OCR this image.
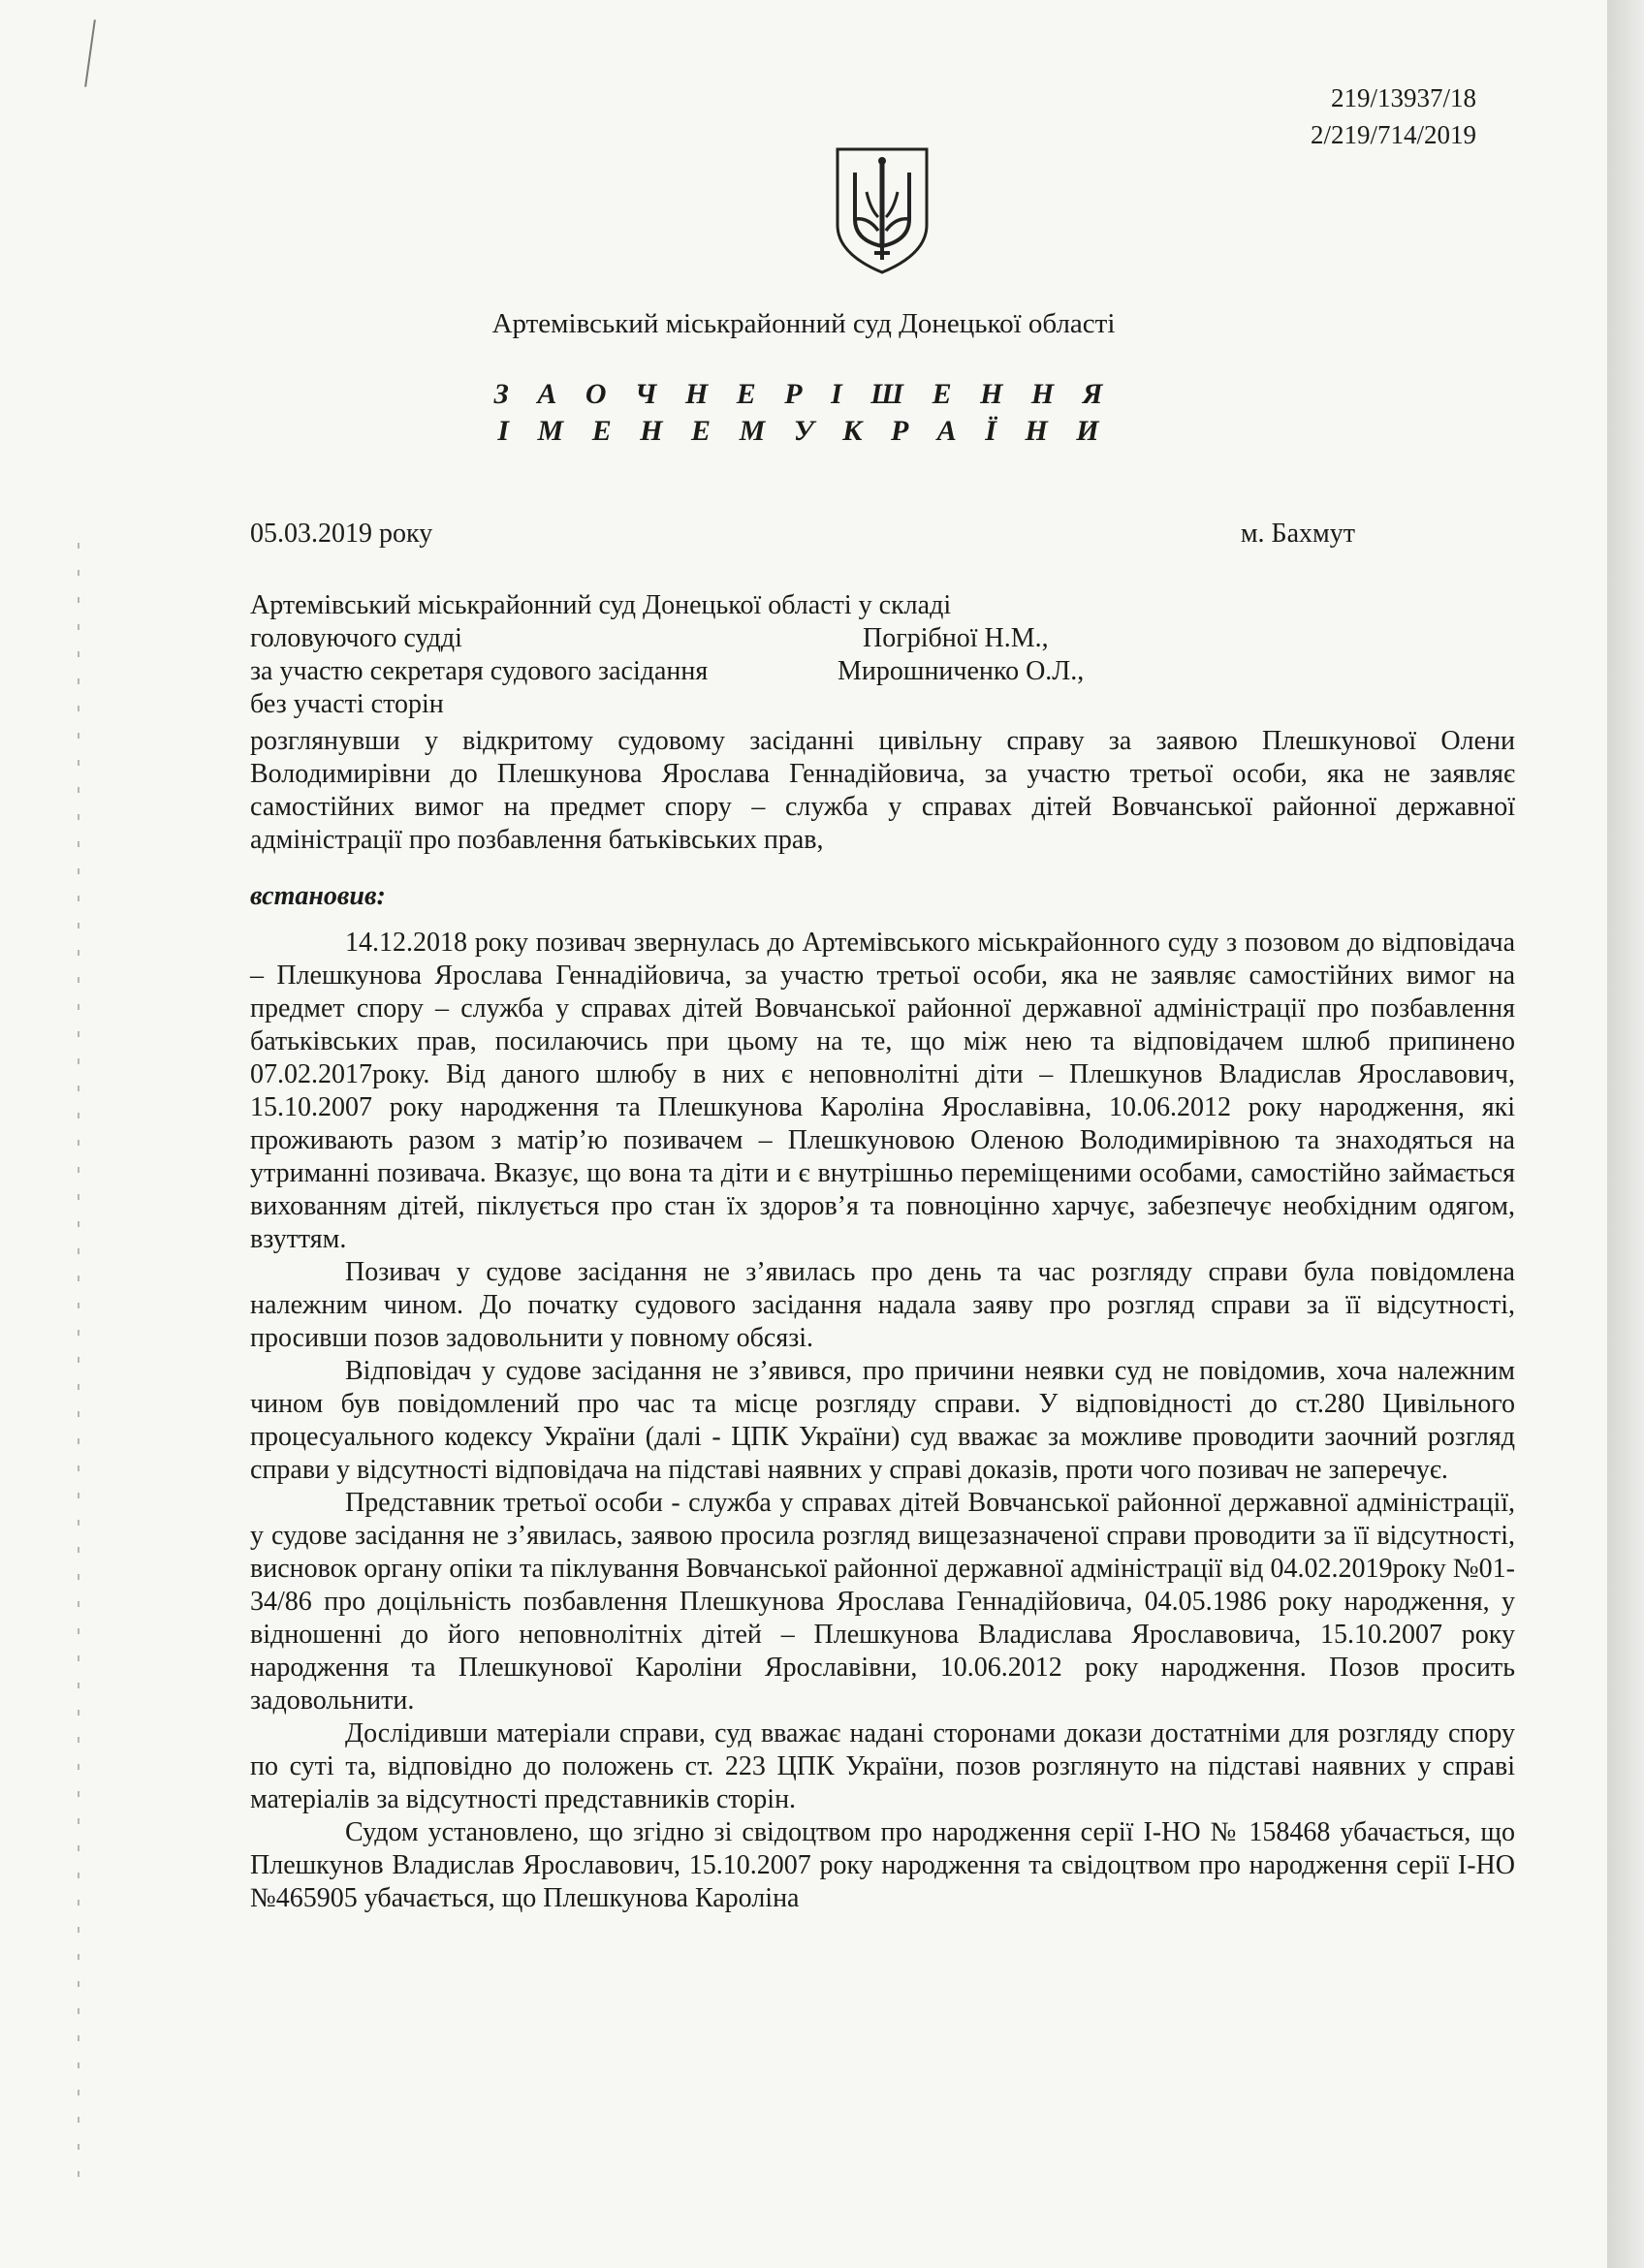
219/13937/18
2/219/714/2019
Артемівський міськрайонний суд Донецької області
З А О Ч Н Е Р І Ш Е Н Н Я
І М Е Н Е М У К Р А Ї Н И
05.03.2019 року	м. Бахмут
Артемівський міськрайонний суд Донецької області у складі
головуючого судді	Погрібної Н.М.,
за участю секретаря судового засідання	Мирошниченко О.Л.,
без участі сторін

розглянувши у відкритому судовому засіданні цивільну справу за заявою Плешкунової Олени Володимирівни до Плешкунова Ярослава Геннадійовича, за участю третьої особи, яка не заявляє самостійних вимог на предмет спору – служба у справах дітей Вовчанської районної державної адміністрації про позбавлення батьківських прав,

встановив:

14.12.2018 року позивач звернулась до Артемівського міськрайонного суду з позовом до відповідача – Плешкунова Ярослава Геннадійовича, за участю третьої особи, яка не заявляє самостійних вимог на предмет спору – служба у справах дітей Вовчанської районної державної адміністрації про позбавлення батьківських прав, посилаючись при цьому на те, що між нею та відповідачем шлюб припинено 07.02.2017року. Від даного шлюбу в них є неповнолітні діти – Плешкунов Владислав Ярославович, 15.10.2007 року народження та Плешкунова Кароліна Ярославівна, 10.06.2012 року народження, які проживають разом з матір’ю позивачем – Плешкуновою Оленою Володимирівною та знаходяться на утриманні позивача. Вказує, що вона та діти и є внутрішньо переміщеними особами, самостійно займається вихованням дітей, піклується про стан їх здоров’я та повноцінно харчує, забезпечує необхідним одягом, взуттям.

Позивач у судове засідання не з’явилась про день та час розгляду справи була повідомлена належним чином. До початку судового засідання надала заяву про розгляд справи за її відсутності, просивши позов задовольнити у повному обсязі.

Відповідач у судове засідання не з’явився, про причини неявки суд не повідомив, хоча належним чином був повідомлений про час та місце розгляду справи. У відповідності до ст.280 Цивільного процесуального кодексу України (далі - ЦПК України) суд вважає за можливе проводити заочний розгляд справи у відсутності відповідача на підставі наявних у справі доказів, проти чого позивач не заперечує.

Представник третьої особи - служба у справах дітей Вовчанської районної державної адміністрації, у судове засідання не з’явилась, заявою просила розгляд вищезазначеної справи проводити за її відсутності, висновок органу опіки та піклування Вовчанської районної державної адміністрації від 04.02.2019року №01-34/86 про доцільність позбавлення Плешкунова Ярослава Геннадійовича, 04.05.1986 року народження, у відношенні до його неповнолітніх дітей – Плешкунова Владислава Ярославовича, 15.10.2007 року народження та Плешкунової Кароліни Ярославівни, 10.06.2012 року народження. Позов просить задовольнити.

Дослідивши матеріали справи, суд вважає надані сторонами докази достатніми для розгляду спору по суті та, відповідно до положень ст. 223 ЦПК України, позов розглянуто на підставі наявних у справі матеріалів за відсутності представників сторін.

Судом установлено, що згідно зі свідоцтвом про народження серії І-НО № 158468 убачається, що Плешкунов Владислав Ярославович, 15.10.2007 року народження та свідоцтвом про народження серії І-НО №465905 убачається, що Плешкунова Кароліна
